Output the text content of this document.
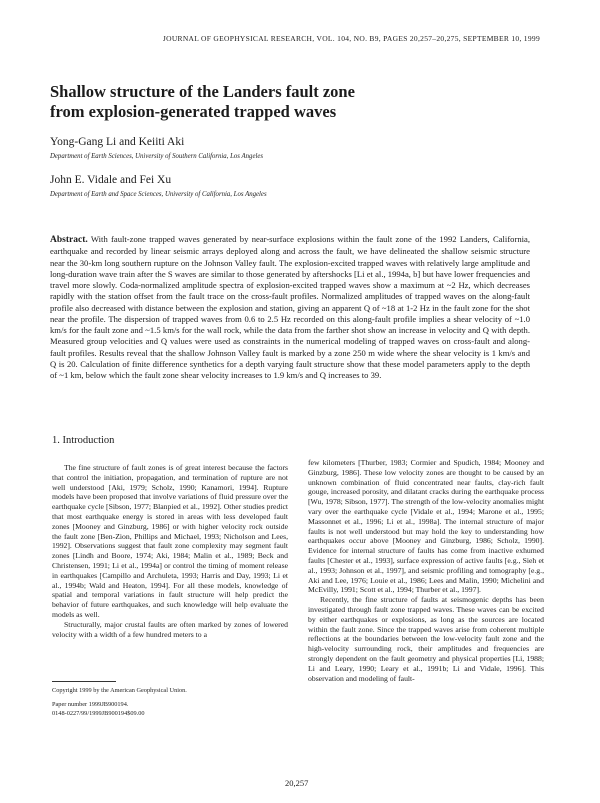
JOURNAL OF GEOPHYSICAL RESEARCH, VOL. 104, NO. B9, PAGES 20,257–20,275, SEPTEMBER 10, 1999
Shallow structure of the Landers fault zone
from explosion-generated trapped waves
Yong-Gang Li and Keiiti Aki
Department of Earth Sciences, University of Southern California, Los Angeles
John E. Vidale and Fei Xu
Department of Earth and Space Sciences, University of California, Los Angeles
Abstract. With fault-zone trapped waves generated by near-surface explosions within the fault zone of the 1992 Landers, California, earthquake and recorded by linear seismic arrays deployed along and across the fault, we have delineated the shallow seismic structure near the 30-km long southern rupture on the Johnson Valley fault. The explosion-excited trapped waves with relatively large amplitude and long-duration wave train after the S waves are similar to those generated by aftershocks [Li et al., 1994a, b] but have lower frequencies and travel more slowly. Coda-normalized amplitude spectra of explosion-excited trapped waves show a maximum at ~2 Hz, which decreases rapidly with the station offset from the fault trace on the cross-fault profiles. Normalized amplitudes of trapped waves on the along-fault profile also decreased with distance between the explosion and station, giving an apparent Q of ~18 at 1-2 Hz in the fault zone for the shot near the profile. The dispersion of trapped waves from 0.6 to 2.5 Hz recorded on this along-fault profile implies a shear velocity of ~1.0 km/s for the fault zone and ~1.5 km/s for the wall rock, while the data from the farther shot show an increase in velocity and Q with depth. Measured group velocities and Q values were used as constraints in the numerical modeling of trapped waves on cross-fault and along-fault profiles. Results reveal that the shallow Johnson Valley fault is marked by a zone 250 m wide where the shear velocity is 1 km/s and Q is 20. Calculation of finite difference synthetics for a depth varying fault structure show that these model parameters apply to the depth of ~1 km, below which the fault zone shear velocity increases to 1.9 km/s and Q increases to 39.
1. Introduction

The fine structure of fault zones is of great interest because the factors that control the initiation, propagation, and termination of rupture are not well understood [Aki, 1979; Scholz, 1990; Kanamori, 1994]. Rupture models have been proposed that involve variations of fluid pressure over the earthquake cycle [Sibson, 1977; Blanpied et al., 1992]. Other studies predict that most earthquake energy is stored in areas with less developed fault zones [Mooney and Ginzburg, 1986] or with higher velocity rock outside the fault zone [Ben-Zion, Phillips and Michael, 1993; Nicholson and Lees, 1992]. Observations suggest that fault zone complexity may segment fault zones [Lindh and Boore, 1974; Aki, 1984; Malin et al., 1989; Beck and Christensen, 1991; Li et al., 1994a] or control the timing of moment release in earthquakes [Campillo and Archuleta, 1993; Harris and Day, 1993; Li et al., 1994b; Wald and Heaton, 1994]. For all these models, knowledge of spatial and temporal variations in fault structure will help predict the behavior of future earthquakes, and such knowledge will help evaluate the models as well.

Structurally, major crustal faults are often marked by zones of lowered velocity with a width of a few hundred meters to a

few kilometers [Thurber, 1983; Cormier and Spudich, 1984; Mooney and Ginzburg, 1986]. These low velocity zones are thought to be caused by an unknown combination of fluid concentrated near faults, clay-rich fault gouge, increased porosity, and dilatant cracks during the earthquake process [Wu, 1978; Sibson, 1977]. The strength of the low-velocity anomalies might vary over the earthquake cycle [Vidale et al., 1994; Marone et al., 1995; Massonnet et al., 1996; Li et al., 1998a]. The internal structure of major faults is not well understood but may hold the key to understanding how earthquakes occur above [Mooney and Ginzburg, 1986; Scholz, 1990]. Evidence for internal structure of faults has come from inactive exhumed faults [Chester et al., 1993], surface expression of active faults [e.g., Sieh et al., 1993; Johnson et al., 1997], and seismic profiling and tomography [e.g., Aki and Lee, 1976; Louie et al., 1986; Lees and Malin, 1990; Michelini and McEvilly, 1991; Scott et al., 1994; Thurber et al., 1997].

Recently, the fine structure of faults at seismogenic depths has been investigated through fault zone trapped waves. These waves can be excited by either earthquakes or explosions, as long as the sources are located within the fault zone. Since the trapped waves arise from coherent multiple reflections at the boundaries between the low-velocity fault zone and the high-velocity surrounding rock, their amplitudes and frequencies are strongly dependent on the fault geometry and physical properties [Li, 1988; Li and Leary, 1990; Leary et al., 1991b; Li and Vidale, 1996]. This observation and modeling of fault-

Copyright 1999 by the American Geophysical Union.
Paper number 1999JB900194.
0148-0227/99/1999JB900194$09.00
20,257
